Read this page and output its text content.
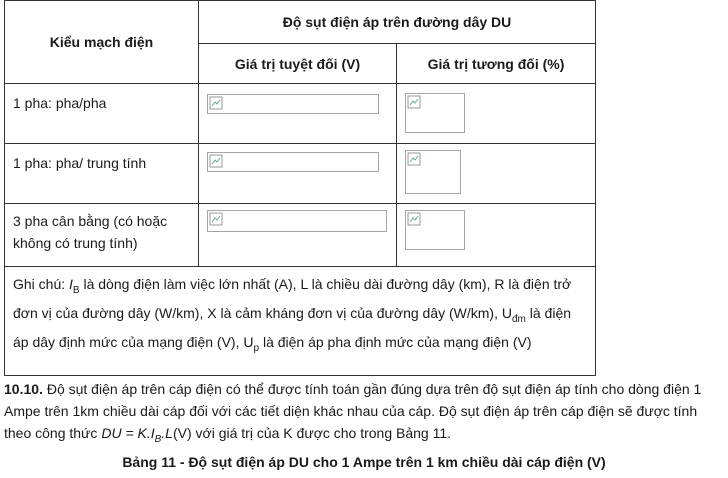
Kiểu mạch điện	Độ sụt điện áp trên đường dây DU	
	Giá trị tuyệt đối (V)	Giá trị tương đối (%)

1 pha: pha/pha

1 pha: pha/ trung tính

3 pha cân bằng (có hoặc
không có trung tính)

Ghi chú: $I_B$ là dòng điện làm việc lớn nhất (A), L là chiều dài đường dây (km), R là điện trở đơn vị của đường dây (W/km), X là cảm kháng đơn vị của đường dây (W/km), $U_{đm}$ là điện áp dây định mức của mạng điện (V), $U_p$ là điện áp pha định mức của mạng điện (V)		

10.10. Độ sụt điện áp trên cáp điện có thể được tính toán gần đúng dựa trên độ sụt điện áp tính cho dòng điện 1 Ampe trên 1km chiều dài cáp đối với các tiết diện khác nhau của cáp. Độ sụt điện áp trên cáp điện sẽ được tính theo công thức DU = $K.I_B.L(V)$ với giá trị của K được cho trong Bảng 11.

Bảng 11 - Độ sụt điện áp DU cho 1 Ampe trên 1 km chiều dài cáp điện (V)
